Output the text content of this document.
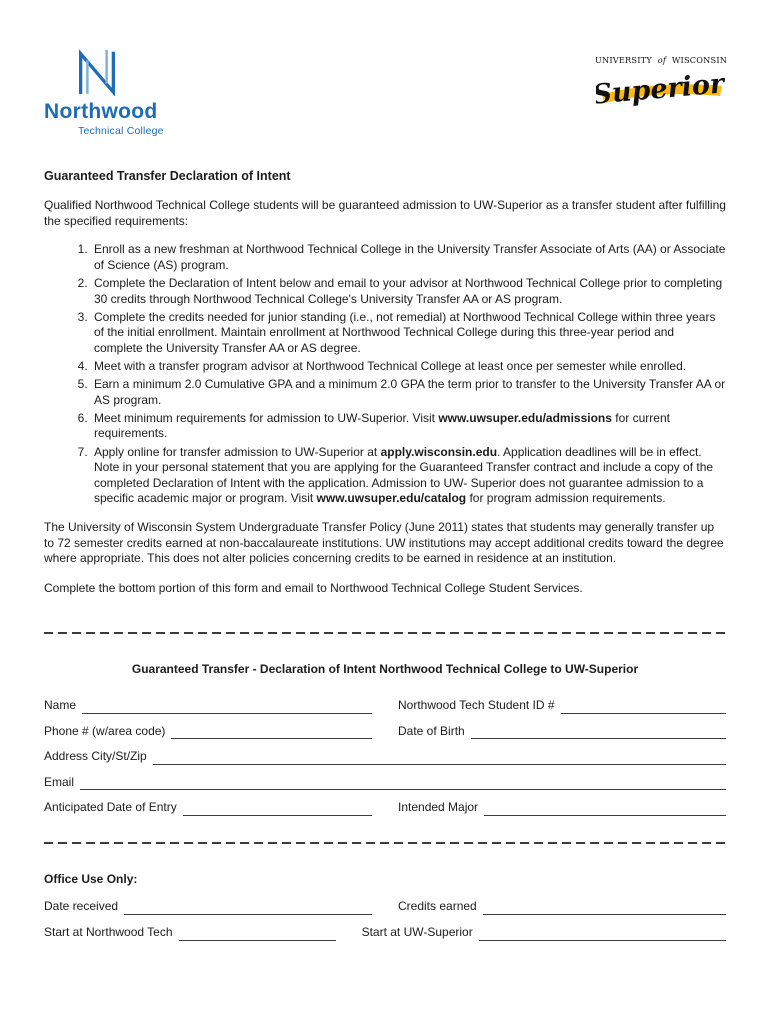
Northwood
Technical College
UNIVERSITY of WISCONSIN
Superior
Guaranteed Transfer Declaration of Intent

Qualified Northwood Technical College students will be guaranteed admission to UW-Superior as a transfer student after fulfilling the specified requirements:

1. Enroll as a new freshman at Northwood Technical College in the University Transfer Associate of Arts (AA) or Associate of Science (AS) program.
2. Complete the Declaration of Intent below and email to your advisor at Northwood Technical College prior to completing 30 credits through Northwood Technical College's University Transfer AA or AS program.
3. Complete the credits needed for junior standing (i.e., not remedial) at Northwood Technical College within three years of the initial enrollment. Maintain enrollment at Northwood Technical College during this three-year period and complete the University Transfer AA or AS degree.
4. Meet with a transfer program advisor at Northwood Technical College at least once per semester while enrolled.
5. Earn a minimum 2.0 Cumulative GPA and a minimum 2.0 GPA the term prior to transfer to the University Transfer AA or AS program.
6. Meet minimum requirements for admission to UW-Superior. Visit www.uwsuper.edu/admissions for current requirements.
7. Apply online for transfer admission to UW-Superior at apply.wisconsin.edu. Application deadlines will be in effect. Note in your personal statement that you are applying for the Guaranteed Transfer contract and include a copy of the completed Declaration of Intent with the application. Admission to UW- Superior does not guarantee admission to a specific academic major or program. Visit www.uwsuper.edu/catalog for program admission requirements.

The University of Wisconsin System Undergraduate Transfer Policy (June 2011) states that students may generally transfer up to 72 semester credits earned at non-baccalaureate institutions. UW institutions may accept additional credits toward the degree where appropriate. This does not alter policies concerning credits to be earned in residence at an institution.

Complete the bottom portion of this form and email to Northwood Technical College Student Services.

Guaranteed Transfer - Declaration of Intent Northwood Technical College to UW-Superior
Name	Northwood Tech Student ID #
Phone # (w/area code)	Date of Birth
Address City/St/Zip
Email
Anticipated Date of Entry	Intended Major
Office Use Only:
Date received	Credits earned
Start at Northwood Tech	Start at UW-Superior
